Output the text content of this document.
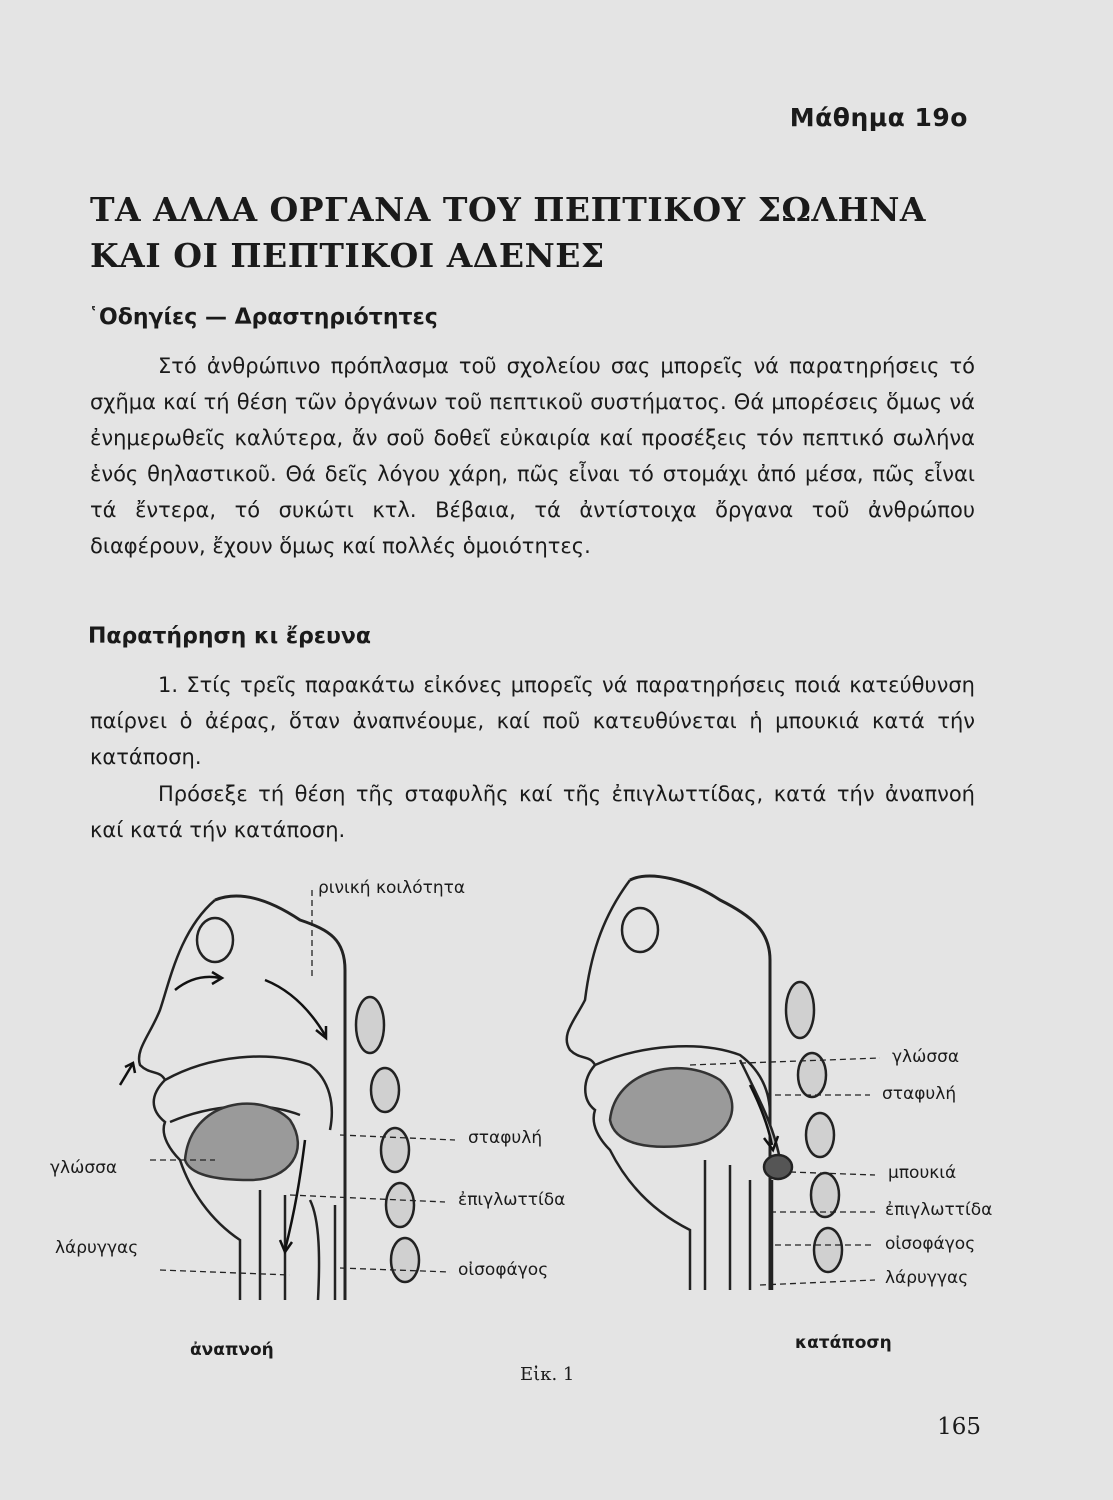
Μάθημα 19ο
ΤΑ ΑΛΛΑ ΟΡΓΑΝΑ ΤΟΥ ΠΕΠΤΙΚΟΥ ΣΩΛΗΝΑ
ΚΑΙ ΟΙ ΠΕΠΤΙΚΟΙ ΑΔΕΝΕΣ
῾Οδηγίες — Δραστηριότητες

Στό ἀνθρώπινο πρόπλασμα τοῦ σχολείου σας μπορεῖς νά παρατηρήσεις τό σχῆμα καί τή θέση τῶν ὀργάνων τοῦ πεπτικοῦ συστήματος. Θά μπορέσεις ὅμως νά ἐνημερωθεῖς καλύτερα, ἄν σοῦ δοθεῖ εὐκαιρία καί προσέξεις τόν πεπτικό σωλήνα ἑνός θηλαστικοῦ. Θά δεῖς λόγου χάρη, πῶς εἶναι τό στομάχι ἀπό μέσα, πῶς εἶναι τά ἔντερα, τό συκώτι κτλ. Βέβαια, τά ἀντίστοιχα ὄργανα τοῦ ἀνθρώπου διαφέρουν, ἔχουν ὅμως καί πολλές ὁμοιότητες.

Παρατήρηση κι ἔρευνα

1. Στίς τρεῖς παρακάτω εἰκόνες μπορεῖς νά παρατηρήσεις ποιά κατεύθυνση παίρνει ὁ ἀέρας, ὅταν ἀναπνέουμε, καί ποῦ κατευθύνεται ἡ μπουκιά κατά τήν κατάποση.

Πρόσεξε τή θέση τῆς σταφυλῆς καί τῆς ἐπιγλωττίδας, κατά τήν ἀναπνοή καί κατά τήν κατάποση.

ρινική κοιλότητα
σταφυλή
γλώσσα
ἐπιγλωττίδα
λάρυγγας
οἰσοφάγος
γλώσσα
σταφυλή
μπουκιά
ἐπιγλωττίδα
οἰσοφάγος
λάρυγγας
ἀναπνοή	κατάποση
Εἰκ. 1
165
